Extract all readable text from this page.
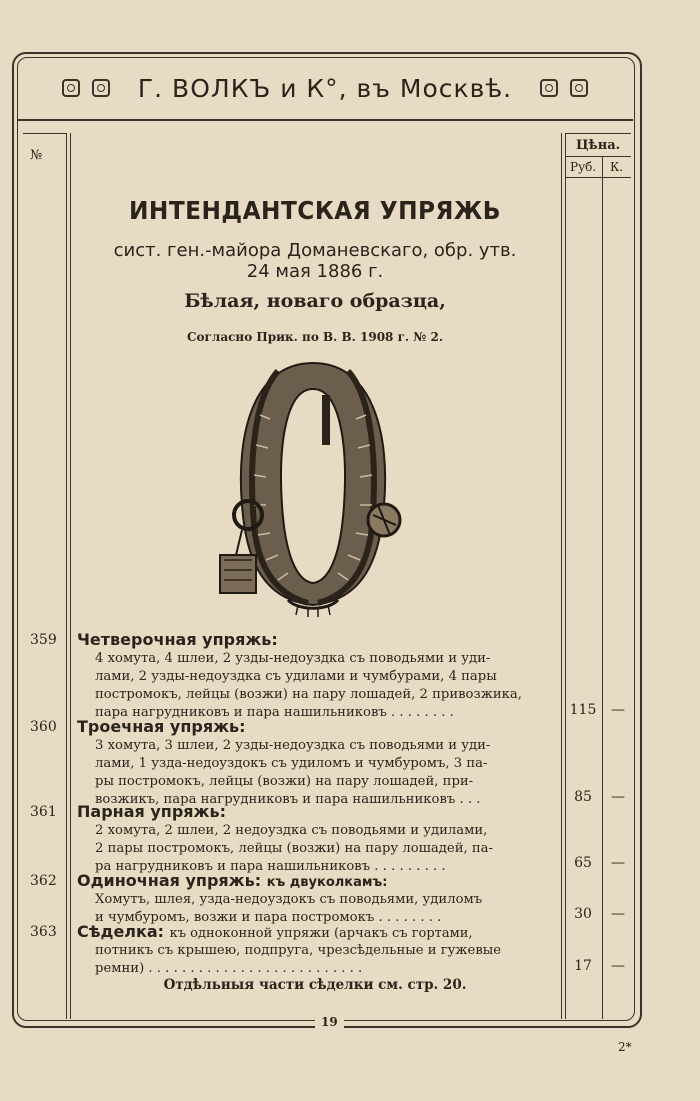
Г. ВОЛКЪ и К°, въ Москвѣ.
№
Цѣна.
Руб. К.
ИНТЕНДАНТСКАЯ УПРЯЖЬ
сист. ген.-майора Доманевскаго, обр. утв.
24 мая 1886 г.
Бѣлая, новаго образца,
Согласно Прик. по В. В. 1908 г. № 2.
359 Четверочная упряжь:
4 хомута, 4 шлеи, 2 узды-недоуздка съ поводьями и уди-
лами, 2 узды-недоуздка съ удилами и чумбурами, 4 пары
постромокъ, лейцы (возжи) на пару лошадей, 2 привозжика,
пара нагрудниковъ и пара нашильниковъ . . . . . . . .	115	—
360 Троечная упряжь:
3 хомута, 3 шлеи, 2 узды-недоуздка съ поводьями и уди-
лами, 1 узда-недоуздокъ съ удиломъ и чумбуромъ, 3 па-
ры постромокъ, лейцы (возжи) на пару лошадей, при-
возжикъ, пара нагрудниковъ и пара нашильниковъ . . .	85	—
361 Парная упряжь:
2 хомута, 2 шлеи, 2 недоуздка съ поводьями и удилами,
2 пары постромокъ, лейцы (возжи) на пару лошадей, па-
ра нагрудниковъ и пара нашильниковъ . . . . . . . . .	65	—
362 Одиночная упряжь: къ двуколкамъ:
Хомутъ, шлея, узда-недоуздокъ съ поводьями, удиломъ
и чумбуромъ, возжи и пара постромокъ . . . . . . . .	30	—
363 Сѣделка: къ одноконной упряжи (арчакъ съ гортами,
потникъ съ крышею, подпруга, чрезсѣдельные и гужевые
ремни) . . . . . . . . . . . . . . . . . . . . . . . . . .	17	—
Отдѣльныя части сѣделки см. стр. 20.
19
2*
